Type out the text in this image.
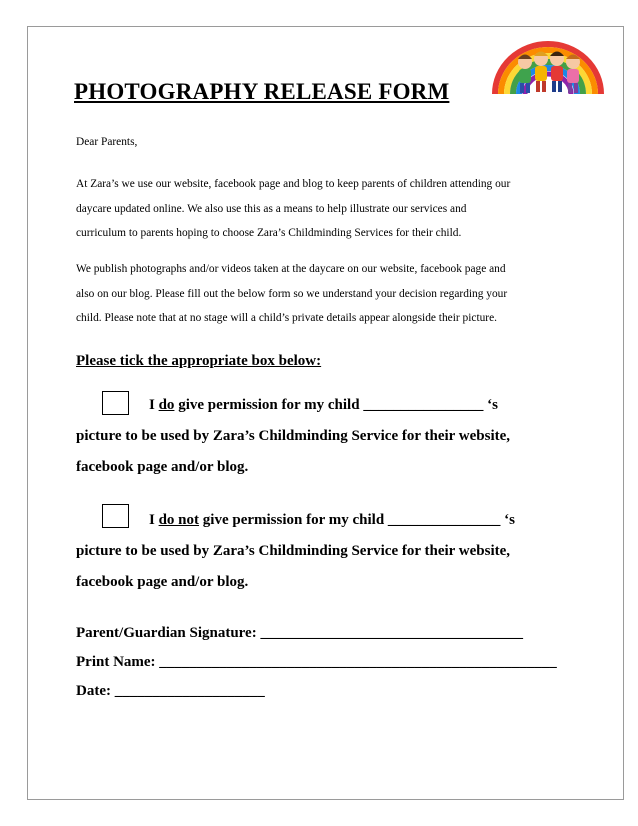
PHOTOGRAPHY RELEASE FORM

Dear Parents,

At Zara’s we use our website, facebook page and blog to keep parents of children attending our

daycare updated online. We also use this as a means to help illustrate our services and

curriculum to parents hoping to choose Zara’s Childminding Services for their child.

We publish photographs and/or videos taken at the daycare on our website, facebook page and

also on our blog. Please fill out the below form so we understand your decision regarding your

child. Please note that at no stage will a child’s private details appear alongside their picture.

Please tick the appropriate box below:

I do give permission for my child ________________ ‘s

picture to be used by Zara’s Childminding Service for their website,

facebook page and/or blog.

I do not give permission for my child _______________ ‘s

picture to be used by Zara’s Childminding Service for their website,

facebook page and/or blog.

Parent/Guardian Signature: ___________________________________

Print Name: _____________________________________________________

Date: ____________________
